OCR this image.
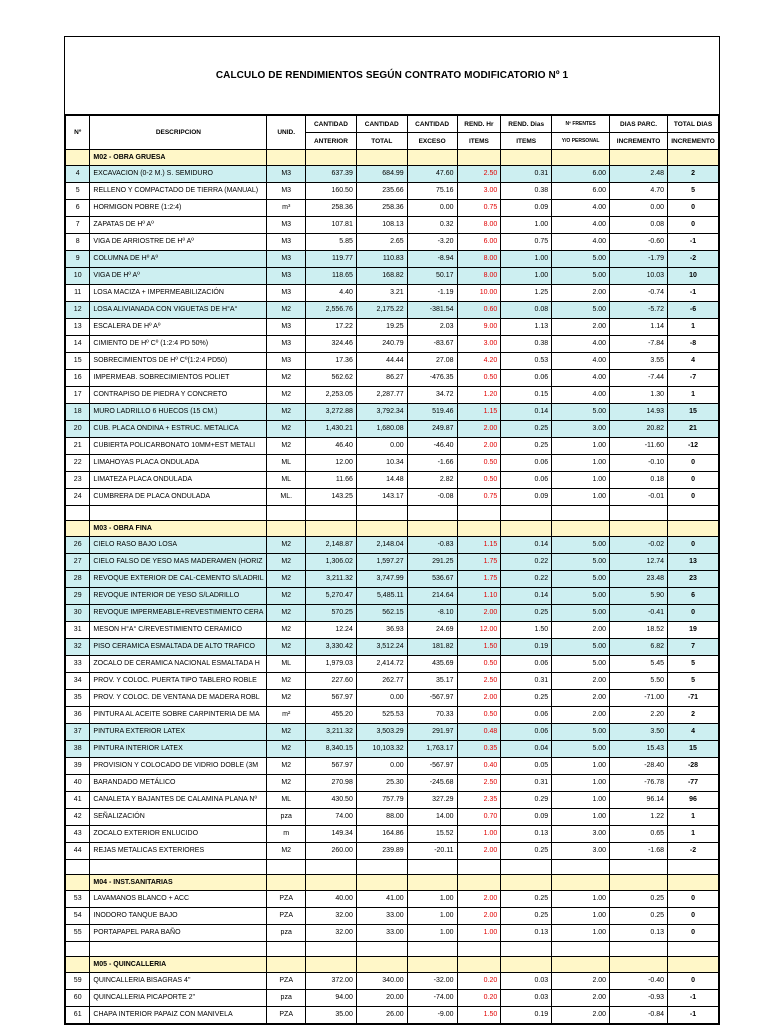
CALCULO DE RENDIMIENTOS SEGÚN CONTRATO MODIFICATORIO Nº 1
Nº	DESCRIPCION	UNID.	CANTIDAD	CANTIDAD	CANTIDAD	REND. Hr	REND. Dias	Nº FRENTES	DIAS PARC.	TOTAL DIAS
			ANTERIOR	TOTAL	EXCESO	ITEMS	ITEMS	Y/O PERSONAL	INCREMENTO	INCREMENTO
	M02 - OBRA GRUESA									
4	EXCAVACION (0-2 M.) S. SEMIDURO	M3	637.39	684.99	47.60	2.50	0.31	6.00	2.48	2
5	RELLENO Y COMPACTADO DE TIERRA (MANUAL)	M3	160.50	235.66	75.16	3.00	0.38	6.00	4.70	5
6	HORMIGON POBRE (1:2:4)	m³	258.36	258.36	0.00	0.75	0.09	4.00	0.00	0
7	ZAPATAS DE Hº Aº	M3	107.81	108.13	0.32	8.00	1.00	4.00	0.08	0
8	VIGA DE ARRIOSTRE DE Hº Aº	M3	5.85	2.65	-3.20	6.00	0.75	4.00	-0.60	-1
9	COLUMNA DE Hº Aº	M3	119.77	110.83	-8.94	8.00	1.00	5.00	-1.79	-2
10	VIGA DE Hº Aº	M3	118.65	168.82	50.17	8.00	1.00	5.00	10.03	10
11	LOSA MACIZA + IMPERMEABILIZACIÓN	M3	4.40	3.21	-1.19	10.00	1.25	2.00	-0.74	-1
12	LOSA ALIVIANADA CON VIGUETAS DE H°A°	M2	2,556.76	2,175.22	-381.54	0.60	0.08	5.00	-5.72	-6
13	ESCALERA DE Hº Aº	M3	17.22	19.25	2.03	9.00	1.13	2.00	1.14	1
14	CIMIENTO DE Hº Cº (1:2:4 PD 50%)	M3	324.46	240.79	-83.67	3.00	0.38	4.00	-7.84	-8
15	SOBRECIMIENTOS DE Hº Cº(1:2:4 PD50)	M3	17.36	44.44	27.08	4.20	0.53	4.00	3.55	4
16	IMPERMEAB. SOBRECIMIENTOS POLIET	M2	562.62	86.27	-476.35	0.50	0.06	4.00	-7.44	-7
17	CONTRAPISO DE PIEDRA Y CONCRETO	M2	2,253.05	2,287.77	34.72	1.20	0.15	4.00	1.30	1
18	MURO LADRILLO 6 HUECOS (15 CM.)	M2	3,272.88	3,792.34	519.46	1.15	0.14	5.00	14.93	15
20	CUB. PLACA ONDINA + ESTRUC. METALICA	M2	1,430.21	1,680.08	249.87	2.00	0.25	3.00	20.82	21
21	CUBIERTA POLICARBONATO 10MM+EST METALI	M2	46.40	0.00	-46.40	2.00	0.25	1.00	-11.60	-12
22	LIMAHOYAS PLACA ONDULADA	ML	12.00	10.34	-1.66	0.50	0.06	1.00	-0.10	0
23	LIMATEZA PLACA ONDULADA	ML	11.66	14.48	2.82	0.50	0.06	1.00	0.18	0
24	CUMBRERA DE PLACA ONDULADA	ML.	143.25	143.17	-0.08	0.75	0.09	1.00	-0.01	0

	M03 - OBRA FINA									
26	CIELO RASO BAJO LOSA	M2	2,148.87	2,148.04	-0.83	1.15	0.14	5.00	-0.02	0
27	CIELO FALSO DE YESO MAS MADERAMEN (HORIZ	M2	1,306.02	1,597.27	291.25	1.75	0.22	5.00	12.74	13
28	REVOQUE EXTERIOR DE CAL-CEMENTO S/LADRIL	M2	3,211.32	3,747.99	536.67	1.75	0.22	5.00	23.48	23
29	REVOQUE INTERIOR DE YESO S/LADRILLO	M2	5,270.47	5,485.11	214.64	1.10	0.14	5.00	5.90	6
30	REVOQUE IMPERMEABLE+REVESTIMIENTO CERA	M2	570.25	562.15	-8.10	2.00	0.25	5.00	-0.41	0
31	MESON H°A° C/REVESTIMIENTO CERAMICO	M2	12.24	36.93	24.69	12.00	1.50	2.00	18.52	19
32	PISO CERAMICA ESMALTADA DE ALTO TRAFICO	M2	3,330.42	3,512.24	181.82	1.50	0.19	5.00	6.82	7
33	ZOCALO DE CERAMICA NACIONAL ESMALTADA H	ML	1,979.03	2,414.72	435.69	0.50	0.06	5.00	5.45	5
34	PROV. Y COLOC. PUERTA TIPO TABLERO ROBLE	M2	227.60	262.77	35.17	2.50	0.31	2.00	5.50	5
35	PROV. Y COLOC. DE VENTANA DE MADERA ROBL	M2	567.97	0.00	-567.97	2.00	0.25	2.00	-71.00	-71
36	PINTURA AL ACEITE SOBRE CARPINTERIA DE MA	m²	455.20	525.53	70.33	0.50	0.06	2.00	2.20	2
37	PINTURA EXTERIOR LATEX	M2	3,211.32	3,503.29	291.97	0.48	0.06	5.00	3.50	4
38	PINTURA INTERIOR LATEX	M2	8,340.15	10,103.32	1,763.17	0.35	0.04	5.00	15.43	15
39	PROVISION Y COLOCADO DE VIDRIO DOBLE (3M	M2	567.97	0.00	-567.97	0.40	0.05	1.00	-28.40	-28
40	BARANDADO METÁLICO	M2	270.98	25.30	-245.68	2.50	0.31	1.00	-76.78	-77
41	CANALETA Y BAJANTES DE CALAMINA PLANA Nº	ML	430.50	757.79	327.29	2.35	0.29	1.00	96.14	96
42	SEÑALIZACIÓN	pza	74.00	88.00	14.00	0.70	0.09	1.00	1.22	1
43	ZOCALO EXTERIOR ENLUCIDO	m	149.34	164.86	15.52	1.00	0.13	3.00	0.65	1
44	REJAS METALICAS EXTERIORES	M2	260.00	239.89	-20.11	2.00	0.25	3.00	-1.68	-2

	M04 - INST.SANITARIAS									
53	LAVAMANOS BLANCO + ACC	PZA	40.00	41.00	1.00	2.00	0.25	1.00	0.25	0
54	INODORO TANQUE BAJO	PZA	32.00	33.00	1.00	2.00	0.25	1.00	0.25	0
55	PORTAPAPEL PARA BAÑO	pza	32.00	33.00	1.00	1.00	0.13	1.00	0.13	0

	M05 - QUINCALLERIA									
59	QUINCALLERIA BISAGRAS 4"	PZA	372.00	340.00	-32.00	0.20	0.03	2.00	-0.40	0
60	QUINCALLERIA PICAPORTE 2''	pza	94.00	20.00	-74.00	0.20	0.03	2.00	-0.93	-1
61	CHAPA INTERIOR PAPAIZ CON MANIVELA	PZA	35.00	26.00	-9.00	1.50	0.19	2.00	-0.84	-1
